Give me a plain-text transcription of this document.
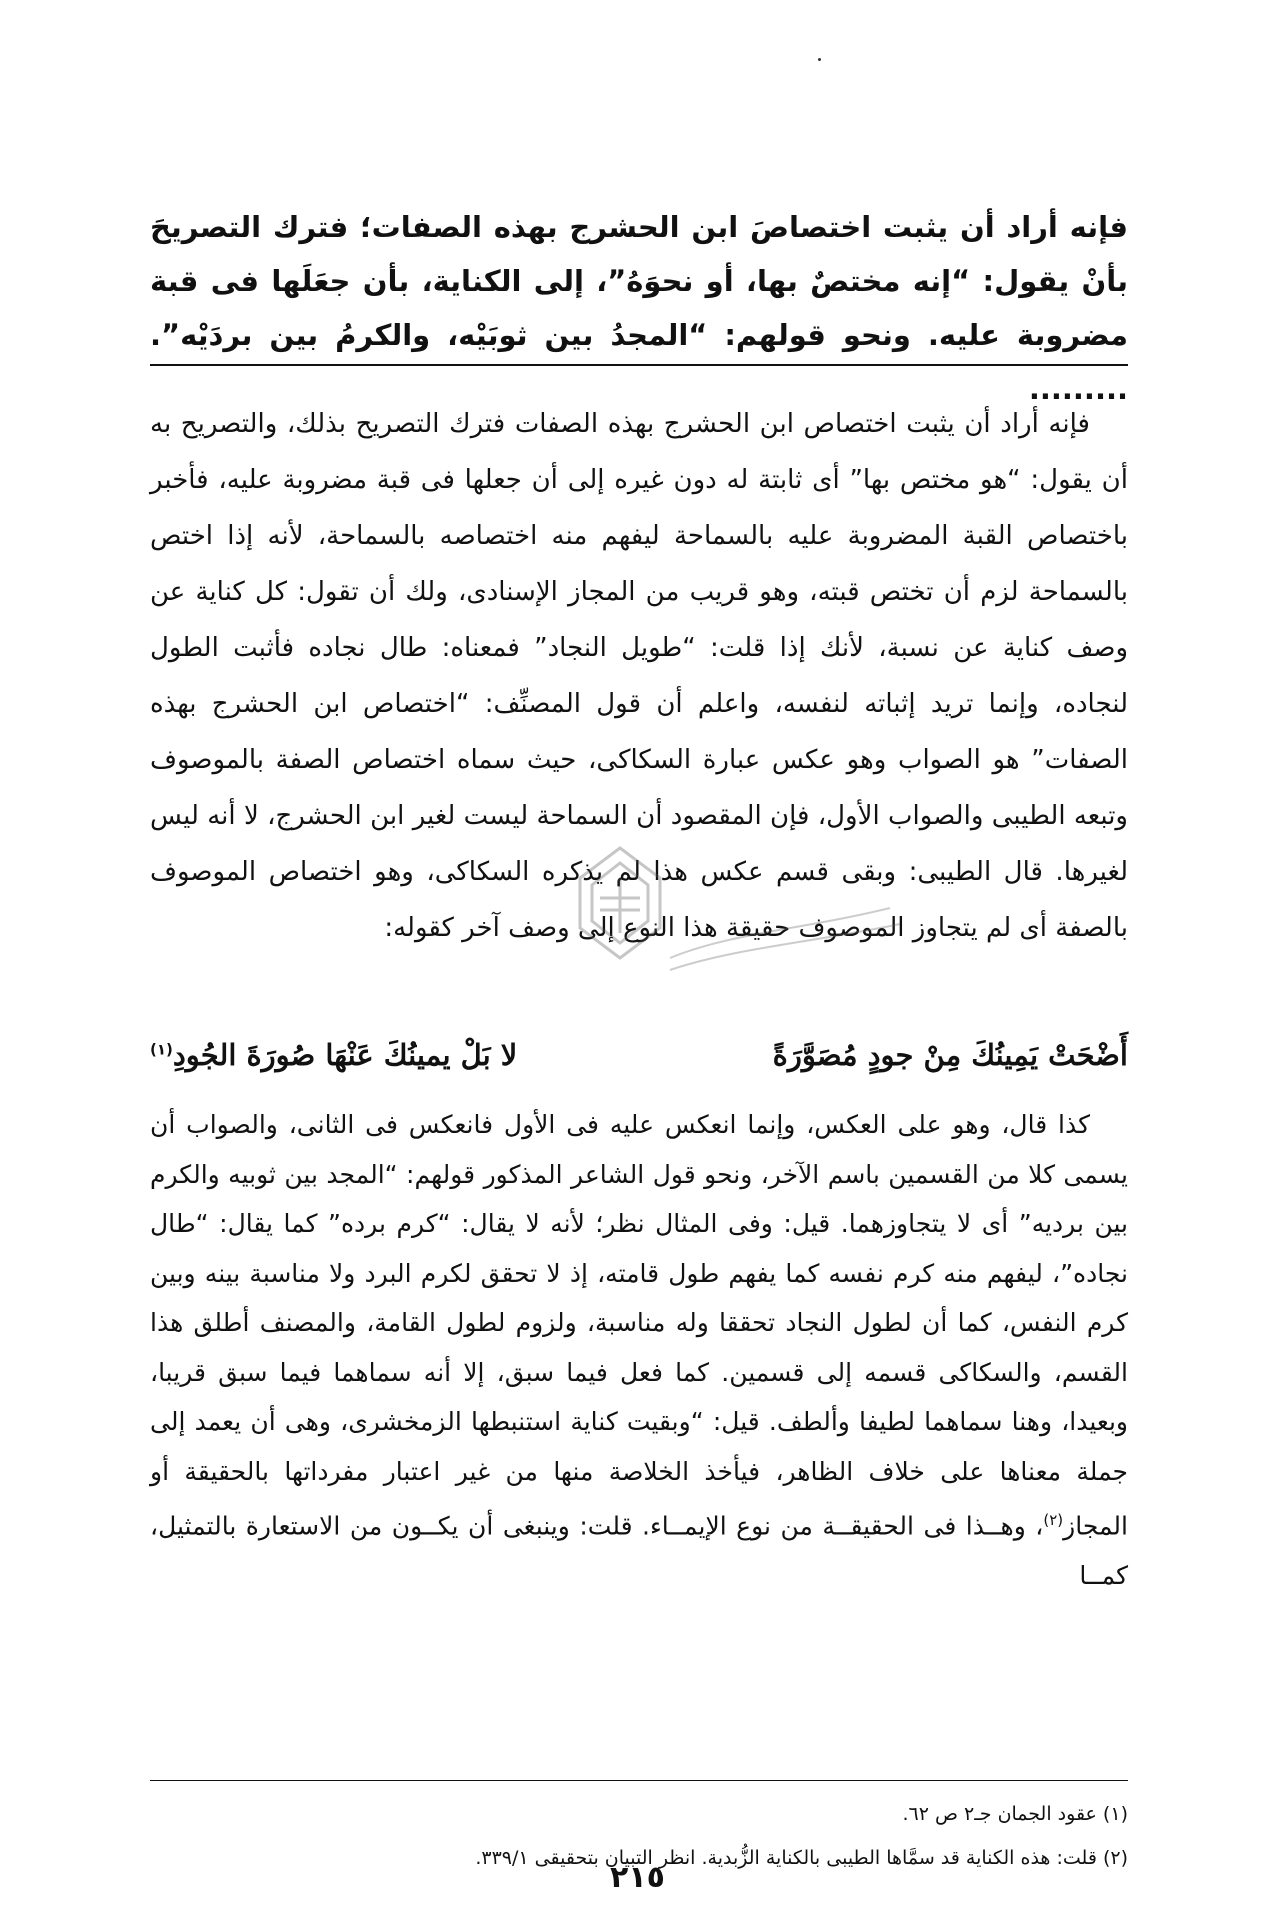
فإنه أراد أن يثبت اختصاصَ ابن الحشرج بهذه الصفات؛ فترك التصريحَ بأنْ يقول: “إنه مختصٌ بها، أو نحوَهُ”، إلى الكناية، بأن جعَلَها فى قبة مضروبة عليه. ونحو قولهم: “المجدُ بين ثوبَيْه، والكرمُ بين بردَيْه”. .........

فإنه أراد أن يثبت اختصاص ابن الحشرج بهذه الصفات فترك التصريح بذلك، والتصريح به أن يقول: “هو مختص بها” أى ثابتة له دون غيره إلى أن جعلها فى قبة مضروبة عليه، فأخبر باختصاص القبة المضروبة عليه بالسماحة ليفهم منه اختصاصه بالسماحة، لأنه إذا اختص بالسماحة لزم أن تختص قبته، وهو قريب من المجاز الإسنادى، ولك أن تقول: كل كناية عن وصف كناية عن نسبة، لأنك إذا قلت: “طويل النجاد” فمعناه: طال نجاده فأثبت الطول لنجاده، وإنما تريد إثباته لنفسه، واعلم أن قول المصنِّف: “اختصاص ابن الحشرج بهذه الصفات” هو الصواب وهو عكس عبارة السكاكى، حيث سماه اختصاص الصفة بالموصوف وتبعه الطيبى والصواب الأول، فإن المقصود أن السماحة ليست لغير ابن الحشرج، لا أنه ليس لغيرها. قال الطيبى: وبقى قسم عكس هذا لم يذكره السكاكى، وهو اختصاص الموصوف بالصفة أى لم يتجاوز الموصوف حقيقة هذا النوع إلى وصف آخر كقوله:

أَضْحَتْ يَمِينُكَ مِنْ جودٍ مُصَوَّرَةً
لا بَلْ يمينُكَ عَنْهَا صُورَةَ الجُودِ$^{(١)}$

كذا قال، وهو على العكس، وإنما انعكس عليه فى الأول فانعكس فى الثانى، والصواب أن يسمى كلا من القسمين باسم الآخر، ونحو قول الشاعر المذكور قولهم: “المجد بين ثوبيه والكرم بين برديه” أى لا يتجاوزهما. قيل: وفى المثال نظر؛ لأنه لا يقال: “كرم برده” كما يقال: “طال نجاده”، ليفهم منه كرم نفسه كما يفهم طول قامته، إذ لا تحقق لكرم البرد ولا مناسبة بينه وبين كرم النفس، كما أن لطول النجاد تحققا وله مناسبة، ولزوم لطول القامة، والمصنف أطلق هذا القسم، والسكاكى قسمه إلى قسمين. كما فعل فيما سبق، إلا أنه سماهما فيما سبق قريبا، وبعيدا، وهنا سماهما لطيفا وألطف. قيل: “وبقيت كناية استنبطها الزمخشرى، وهى أن يعمد إلى جملة معناها على خلاف الظاهر، فيأخذ الخلاصة منها من غير اعتبار مفرداتها بالحقيقة أو المجاز$^{(٢)}$، وهــذا فى الحقيقــة من نوع الإيمــاء. قلت: وينبغى أن يكــون من الاستعارة بالتمثيل، كمــا

(١) عقود الجمان جـ٢ ص ٦٢.

(٢) قلت: هذه الكناية قد سمَّاها الطيبى بالكناية الزُّبدية. انظر التبيان بتحقيقى ٣٣٩/١.

٢١٥
